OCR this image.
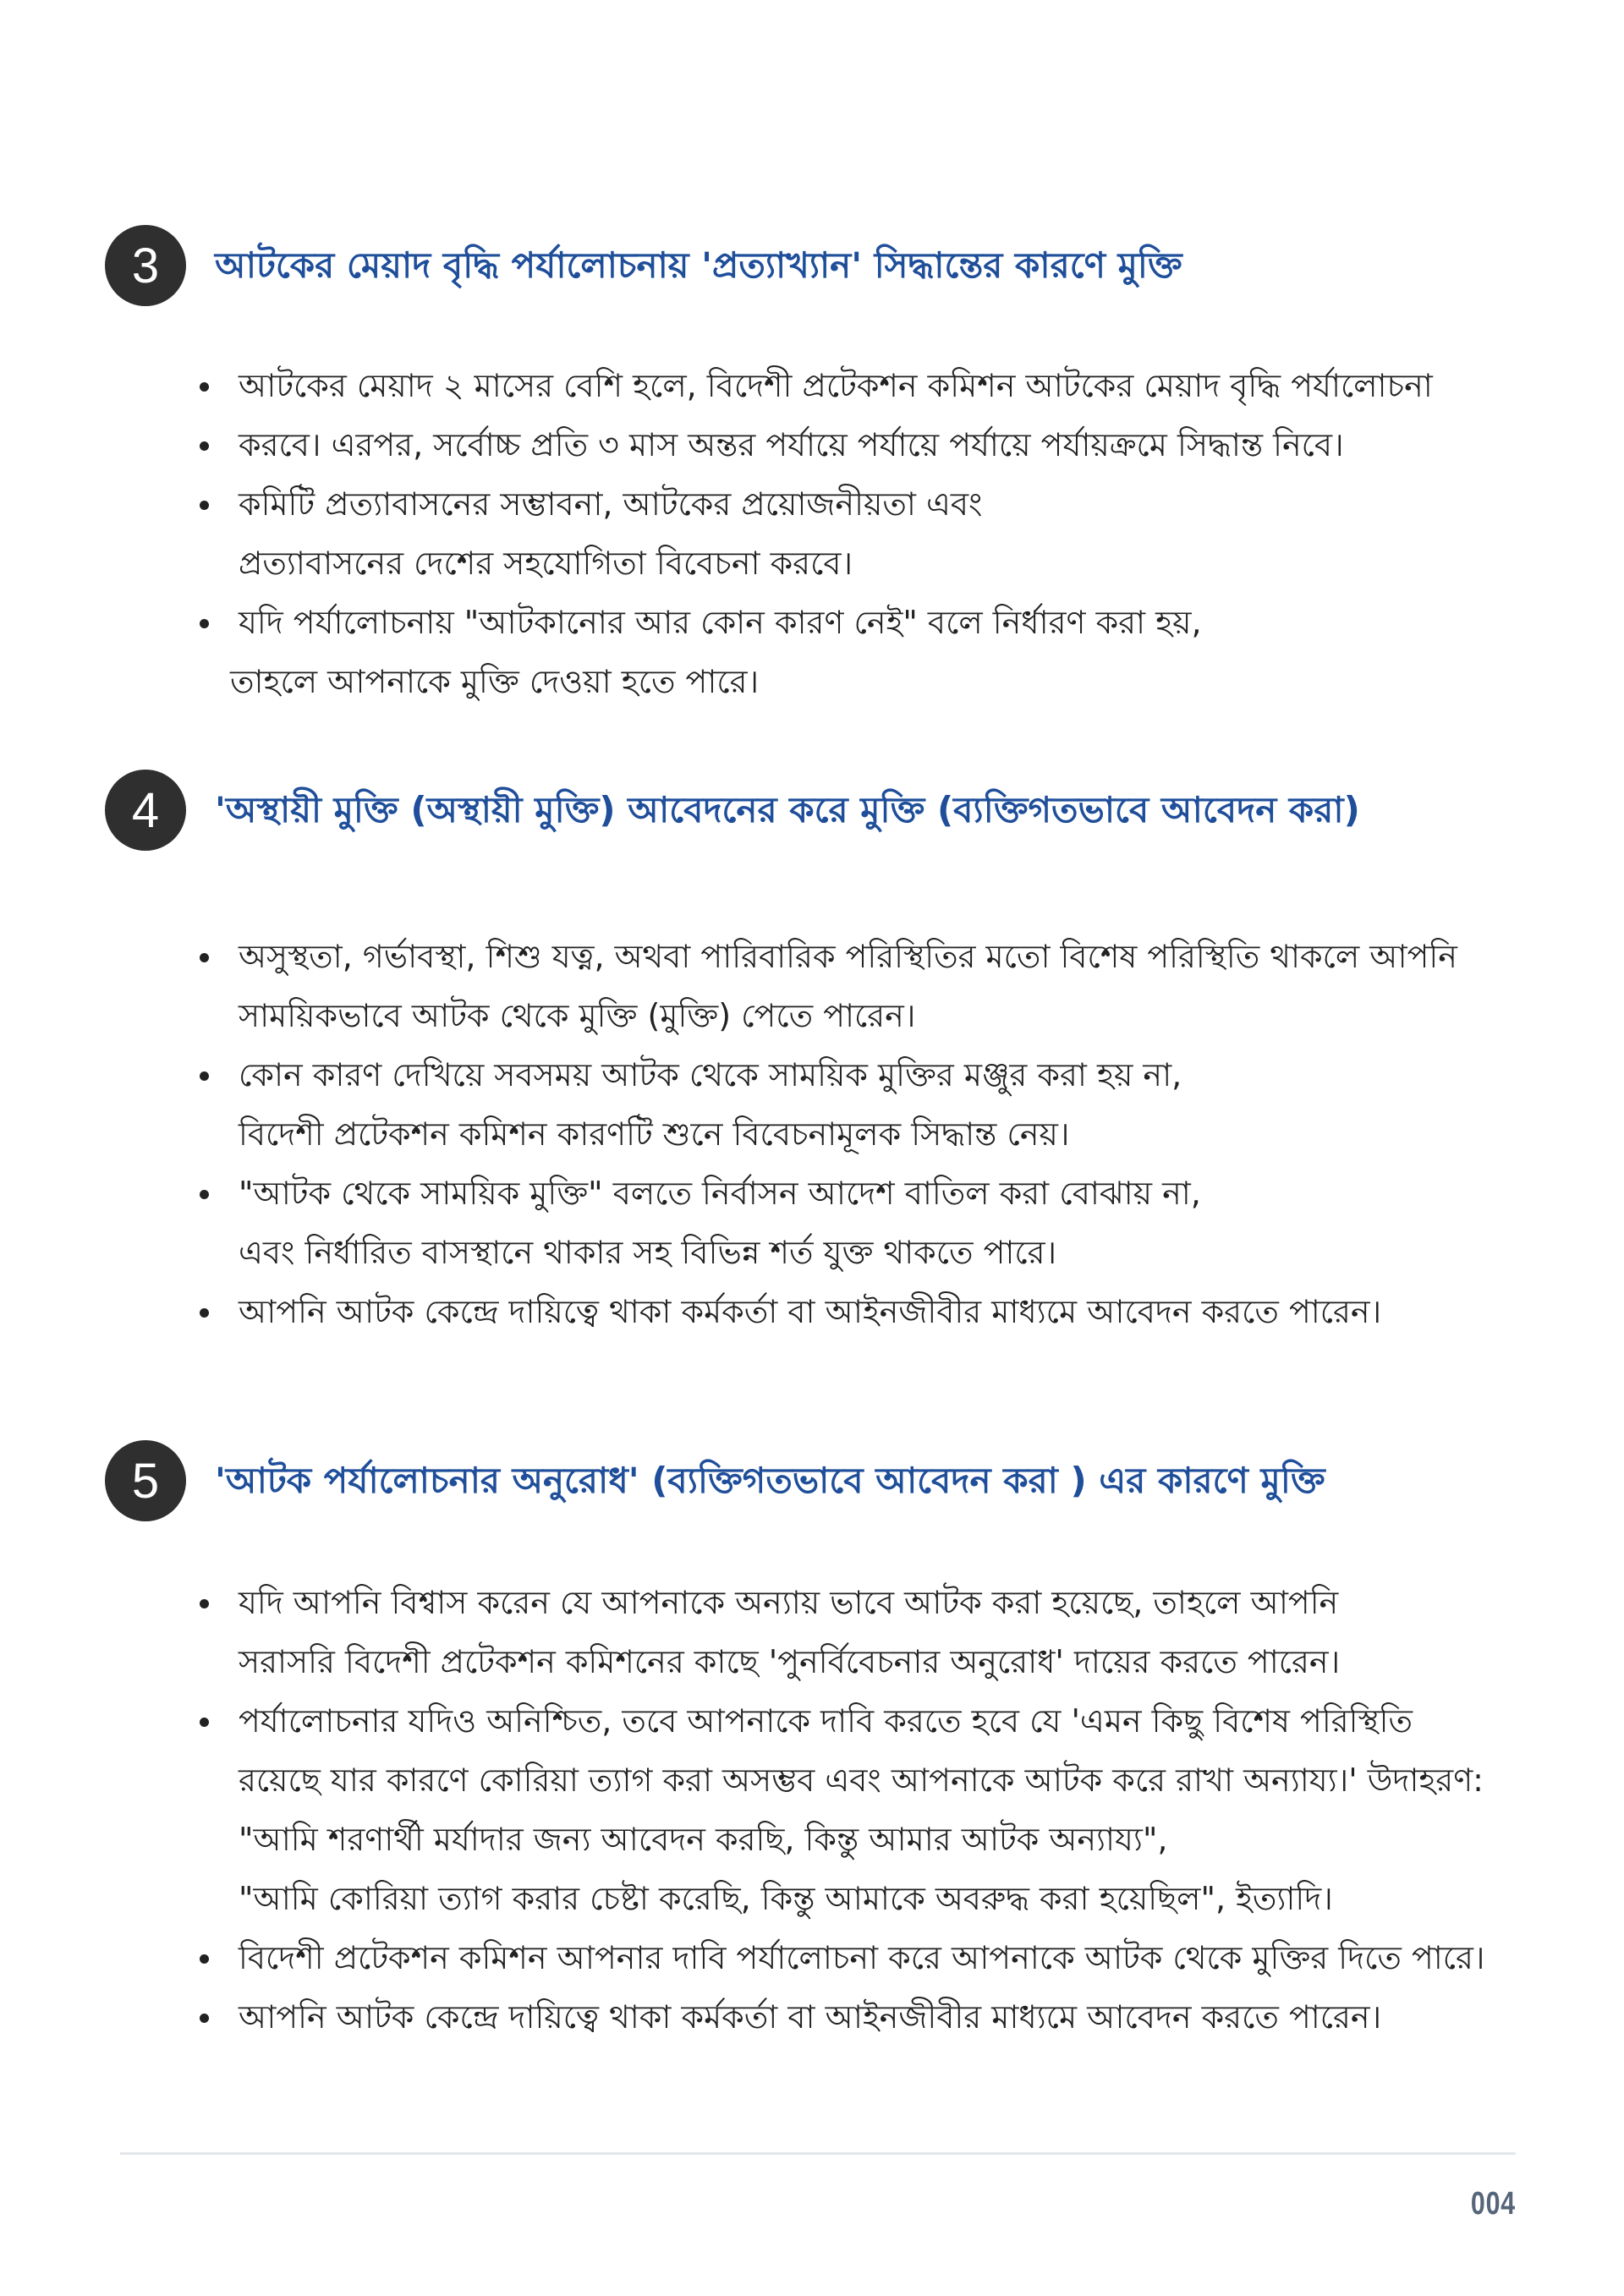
3	আটকের মেয়াদ বৃদ্ধি পর্যালোচনায় 'প্রত্যাখ্যান' সিদ্ধান্তের কারণে মুক্তি
আটকের মেয়াদ ২ মাসের বেশি হলে, বিদেশী প্রটেকশন কমিশন আটকের মেয়াদ বৃদ্ধি পর্যালোচনা
করবে। এরপর, সর্বোচ্চ প্রতি ৩ মাস অন্তর পর্যায়ে পর্যায়ে পর্যায়ে পর্যায়ক্রমে সিদ্ধান্ত নিবে।
কমিটি প্রত্যাবাসনের সম্ভাবনা, আটকের প্রয়োজনীয়তা এবং
প্রত্যাবাসনের দেশের সহযোগিতা বিবেচনা করবে।
যদি পর্যালোচনায় "আটকানোর আর কোন কারণ নেই" বলে নির্ধারণ করা হয়,
তাহলে আপনাকে মুক্তি দেওয়া হতে পারে।
4	'অস্থায়ী মুক্তি (অস্থায়ী মুক্তি) আবেদনের করে মুক্তি (ব্যক্তিগতভাবে আবেদন করা)
অসুস্থতা, গর্ভাবস্থা, শিশু যত্ন, অথবা পারিবারিক পরিস্থিতির মতো বিশেষ পরিস্থিতি থাকলে আপনি
সাময়িকভাবে আটক থেকে মুক্তি (মুক্তি) পেতে পারেন।
কোন কারণ দেখিয়ে সবসময় আটক থেকে সাময়িক মুক্তির মঞ্জুর করা হয় না,
বিদেশী প্রটেকশন কমিশন কারণটি শুনে বিবেচনামূলক সিদ্ধান্ত নেয়।
"আটক থেকে সাময়িক মুক্তি" বলতে নির্বাসন আদেশ বাতিল করা বোঝায় না,
এবং নির্ধারিত বাসস্থানে থাকার সহ বিভিন্ন শর্ত যুক্ত থাকতে পারে।
আপনি আটক কেন্দ্রে দায়িত্বে থাকা কর্মকর্তা বা আইনজীবীর মাধ্যমে আবেদন করতে পারেন।
5	'আটক পর্যালোচনার অনুরোধ' (ব্যক্তিগতভাবে আবেদন করা ) এর কারণে মুক্তি
যদি আপনি বিশ্বাস করেন যে আপনাকে অন্যায় ভাবে আটক করা হয়েছে, তাহলে আপনি
সরাসরি বিদেশী প্রটেকশন কমিশনের কাছে 'পুনর্বিবেচনার অনুরোধ' দায়ের করতে পারেন।
পর্যালোচনার যদিও অনিশ্চিত, তবে আপনাকে দাবি করতে হবে যে 'এমন কিছু বিশেষ পরিস্থিতি
রয়েছে যার কারণে কোরিয়া ত্যাগ করা অসম্ভব এবং আপনাকে আটক করে রাখা অন্যায্য।' উদাহরণ:
"আমি শরণার্থী মর্যাদার জন্য আবেদন করছি, কিন্তু আমার আটক অন্যায্য",
"আমি কোরিয়া ত্যাগ করার চেষ্টা করেছি, কিন্তু আমাকে অবরুদ্ধ করা হয়েছিল", ইত্যাদি।
বিদেশী প্রটেকশন কমিশন আপনার দাবি পর্যালোচনা করে আপনাকে আটক থেকে মুক্তির দিতে পারে।
আপনি আটক কেন্দ্রে দায়িত্বে থাকা কর্মকর্তা বা আইনজীবীর মাধ্যমে আবেদন করতে পারেন।
004
